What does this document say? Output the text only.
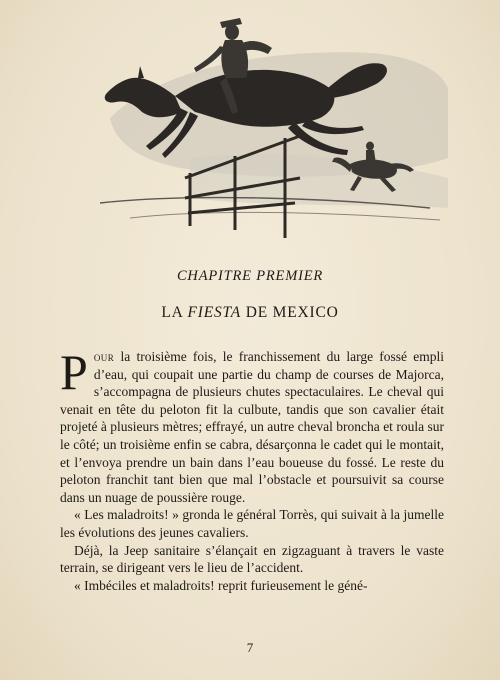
CHAPITRE PREMIER
LA FIESTA DE MEXICO

Pour la troisième fois, le franchissement du large fossé empli d’eau, qui coupait une partie du champ de courses de Majorca, s’accompagna de plusieurs chutes spectaculaires. Le cheval qui venait en tête du peloton fit la culbute, tandis que son cavalier était projeté à plusieurs mètres; effrayé, un autre cheval broncha et roula sur le côté; un troisième enfin se cabra, désarçonna le cadet qui le montait, et l’envoya prendre un bain dans l’eau boueuse du fossé. Le reste du peloton franchit tant bien que mal l’obstacle et poursuivit sa course dans un nuage de poussière rouge.

« Les maladroits! » gronda le général Torrès, qui suivait à la jumelle les évolutions des jeunes cavaliers.

Déjà, la Jeep sanitaire s’élançait en zigzaguant à travers le vaste terrain, se dirigeant vers le lieu de l’accident.

« Imbéciles et maladroits! reprit furieusement le géné-

7
